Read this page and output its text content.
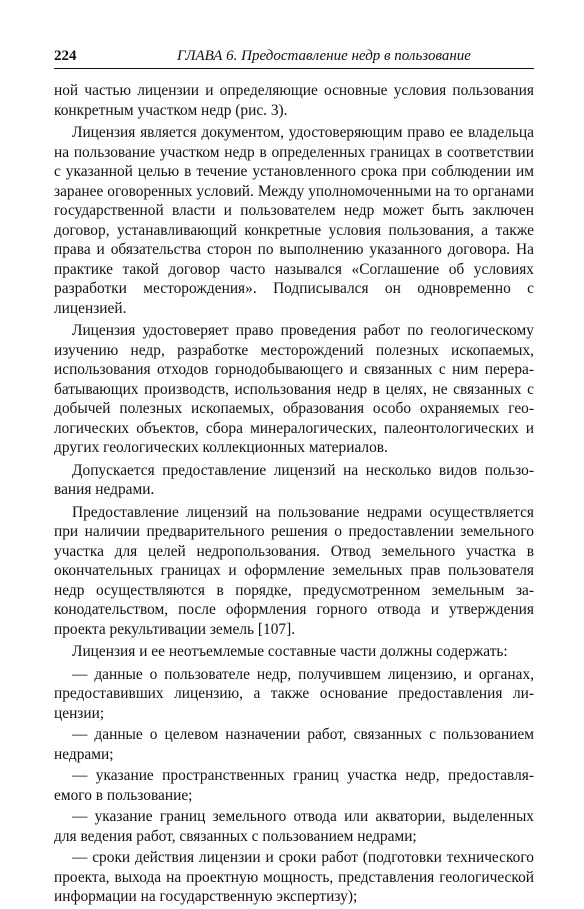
224	ГЛАВА 6. Предоставление недр в пользование

ной частью лицензии и определяющие основные условия пользования конкретным участком недр (рис. 3).

Лицензия является документом, удостоверяющим право ее владельца на пользование участком недр в определенных границах в соответствии с указанной целью в течение установленного срока при соблюдении им заранее оговоренных условий. Между уполномоченными на то органами государственной власти и пользователем недр может быть заключен договор, устанавливающий конкретные условия пользования, а также права и обязательства сторон по выполнению указанного договора. На практике такой договор часто назывался «Соглашение об условиях разработки месторождения». Подписывался он одновременно с лицензией.

Лицензия удостоверяет право проведения работ по геологическому изучению недр, разработке месторождений полезных ископаемых, использования отходов горнодобывающего и связанных с ним перерабатывающих производств, использования недр в целях, не связанных с добычей полезных ископаемых, образования особо охраняемых геологических объектов, сбора минералогических, палеонтологических и других геологических коллекционных материалов.

Допускается предоставление лицензий на несколько видов пользования недрами.

Предоставление лицензий на пользование недрами осуществляется при наличии предварительного решения о предоставлении земельного участка для целей недропользования. Отвод земельного участка в окончательных границах и оформление земельных прав пользователя недр осуществляются в порядке, предусмотренном земельным законодательством, после оформления горного отвода и утверждения проекта рекультивации земель [107].

Лицензия и ее неотъемлемые составные части должны содержать:

— данные о пользователе недр, получившем лицензию, и органах, предоставивших лицензию, а также основание предоставления лицензии;

— данные о целевом назначении работ, связанных с пользованием недрами;

— указание пространственных границ участка недр, предоставляемого в пользование;

— указание границ земельного отвода или акватории, выделенных для ведения работ, связанных с пользованием недрами;

— сроки действия лицензии и сроки работ (подготовки технического проекта, выхода на проектную мощность, представления геологической информации на государственную экспертизу);
